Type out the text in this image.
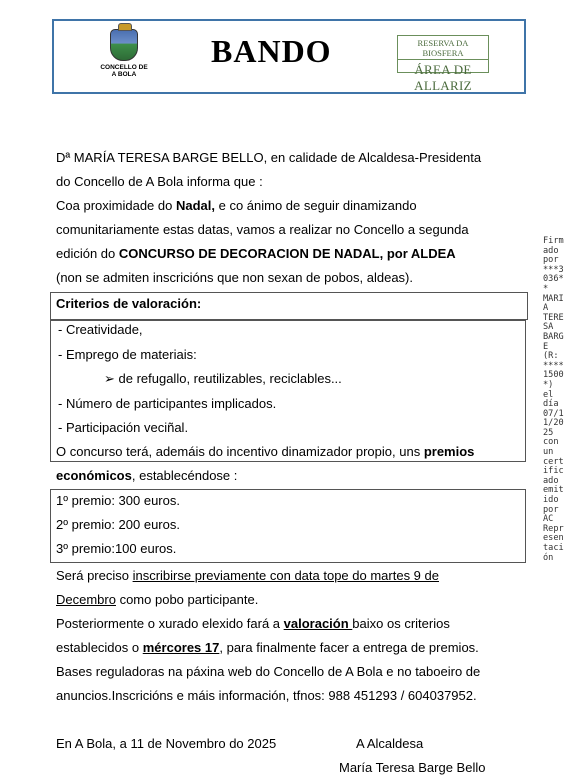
CONCELLO DE
A BOLA
BANDO	RESERVA DA BIOSFERA
ÁREA DE ALLARIZ
Dª MARÍA TERESA BARGE BELLO, en calidade de Alcaldesa-Presidenta
do Concello de A Bola informa que :
Coa proximidade do Nadal, e co ánimo de seguir dinamizando
comunitariamente estas datas, vamos a realizar no Concello a segunda
edición do CONCURSO DE DECORACION DE NADAL, por ALDEA
(non se admiten inscricións que non sexan de pobos, aldeas).
Criterios de valoración:
- Creatividade,
- Emprego de materiais:
➢ de refugallo, reutilizables, reciclables...
- Número de participantes implicados.
- Participación veciñal.
O concurso terá, ademáis do incentivo dinamizador propio, uns premios
económicos, establecéndose :
1º premio: 300 euros.
2º premio: 200 euros.
3º premio:100 euros.
Será preciso inscribirse previamente con data tope do martes 9 de
Decembro como pobo participante.
Posteriormente o xurado elexido fará a valoración baixo os criterios
establecidos o mércores 17, para finalmente facer a entrega de premios.
Bases reguladoras na páxina web do Concello de A Bola e no taboeiro de
anuncios.Inscricións e máis información, tfnos: 988 451293 / 604037952.
En A Bola, a 11 de Novembro do 2025	A Alcaldesa
María Teresa Barge Bello
Firm
ado
por
***3
036*
*
MARI
A
TERE
SA
BARG
E
(R:
****
1500
*)
el
día
07/1
1/20
25
con
un
cert
ific
ado
emit
ido
por
AC
Repr
esen
taci
ón
